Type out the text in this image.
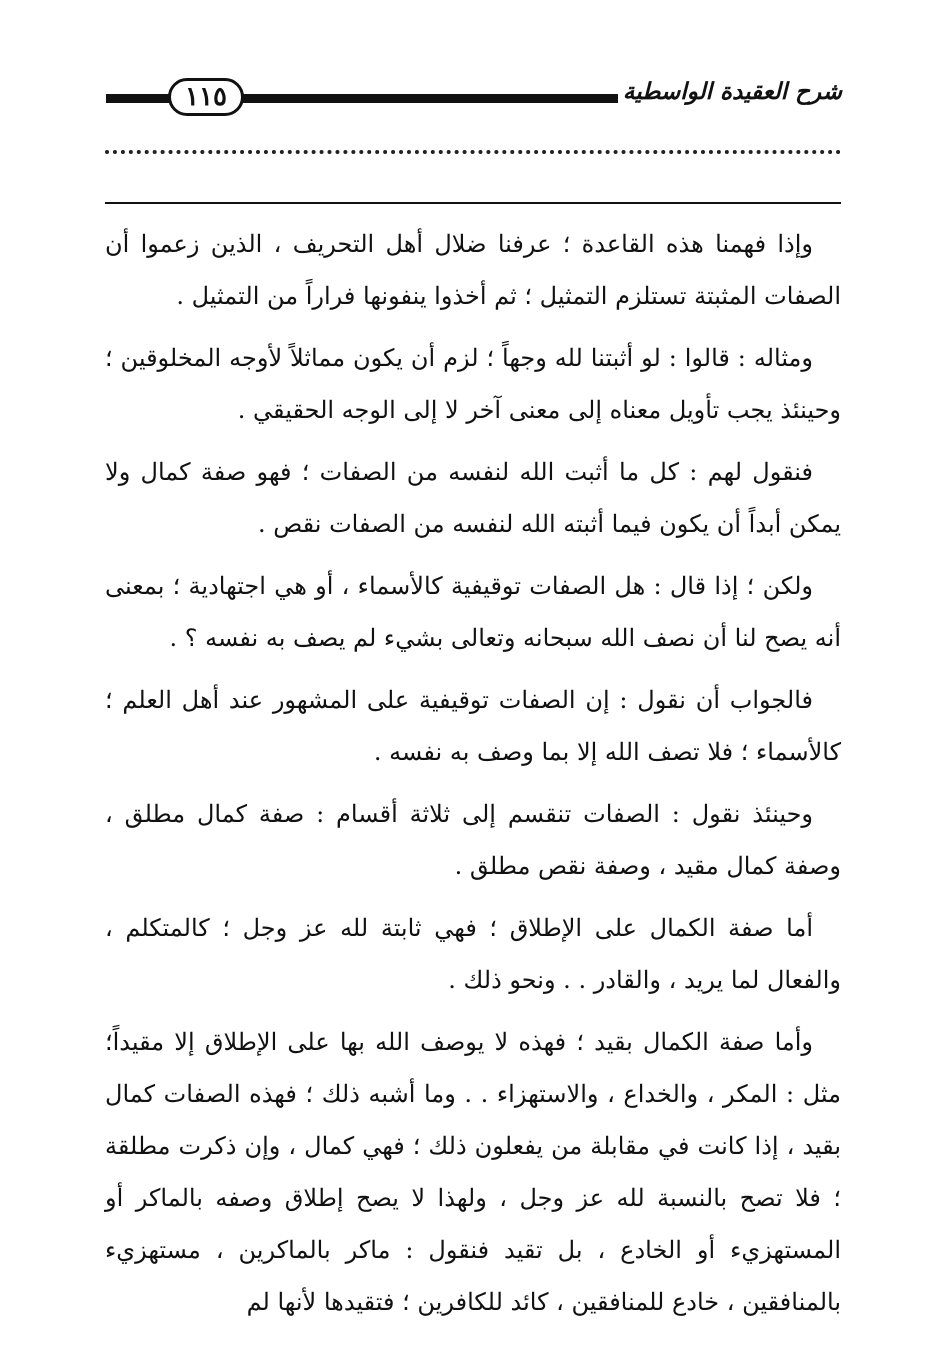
١١٥	شرح العقيدة الواسطية

وإذا فهمنا هذه القاعدة ؛ عرفنا ضلال أهل التحريف ، الذين زعموا أن الصفات المثبتة تستلزم التمثيل ؛ ثم أخذوا ينفونها فراراً من التمثيل .

ومثاله : قالوا : لو أثبتنا لله وجهاً ؛ لزم أن يكون مماثلاً لأوجه المخلوقين ؛ وحينئذ يجب تأويل معناه إلى معنى آخر لا إلى الوجه الحقيقي .

فنقول لهم : كل ما أثبت الله لنفسه من الصفات ؛ فهو صفة كمال ولا يمكن أبداً أن يكون فيما أثبته الله لنفسه من الصفات نقص .

ولكن ؛ إذا قال : هل الصفات توقيفية كالأسماء ، أو هي اجتهادية ؛ بمعنى أنه يصح لنا أن نصف الله سبحانه وتعالى بشيء لم يصف به نفسه ؟ .

فالجواب أن نقول : إن الصفات توقيفية على المشهور عند أهل العلم ؛ كالأسماء ؛ فلا تصف الله إلا بما وصف به نفسه .

وحينئذ نقول : الصفات تنقسم إلى ثلاثة أقسام : صفة كمال مطلق ، وصفة كمال مقيد ، وصفة نقص مطلق .

أما صفة الكمال على الإطلاق ؛ فهي ثابتة لله عز وجل ؛ كالمتكلم ، والفعال لما يريد ، والقادر . . ونحو ذلك .

وأما صفة الكمال بقيد ؛ فهذه لا يوصف الله بها على الإطلاق إلا مقيداً؛ مثل : المكر ، والخداع ، والاستهزاء . . وما أشبه ذلك ؛ فهذه الصفات كمال بقيد ، إذا كانت في مقابلة من يفعلون ذلك ؛ فهي كمال ، وإن ذكرت مطلقة ؛ فلا تصح بالنسبة لله عز وجل ، ولهذا لا يصح إطلاق وصفه بالماكر أو المستهزيء أو الخادع ، بل تقيد فنقول : ماكر بالماكرين ، مستهزيء بالمنافقين ، خادع للمنافقين ، كائد للكافرين ؛ فتقيدها لأنها لم
